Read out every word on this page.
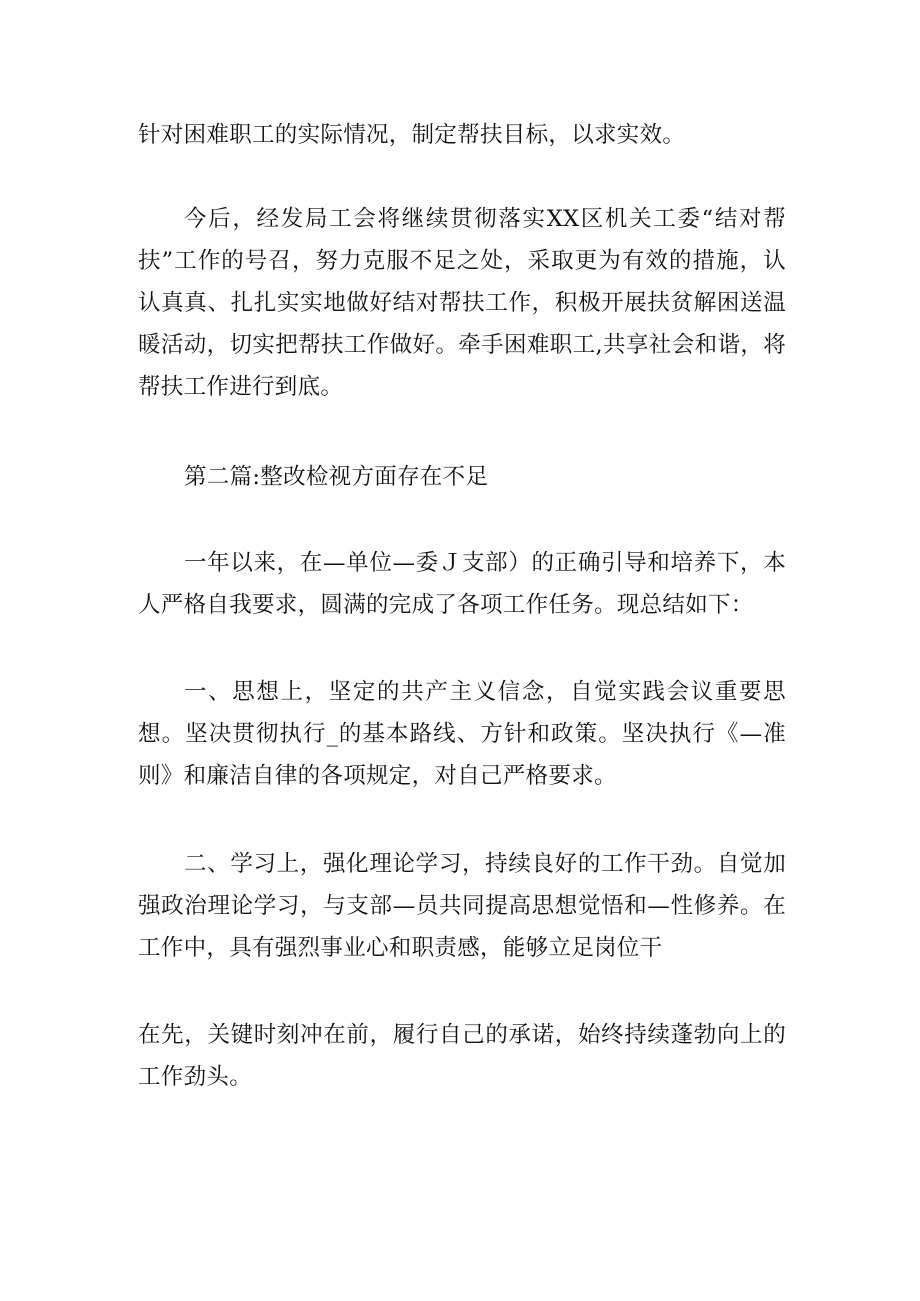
针对困难职工的实际情况，制定帮扶目标，以求实效。

今后，经发局工会将继续贯彻落实XX区机关工委“结对帮扶”工作的号召，努力克服不足之处，采取更为有效的措施，认认真真、扎扎实实地做好结对帮扶工作，积极开展扶贫解困送温暖活动，切实把帮扶工作做好。牵手困难职工,共享社会和谐，将帮扶工作进行到底。

第二篇:整改检视方面存在不足

一年以来，在—单位—委Ｊ支部）的正确引导和培养下，本人严格自我要求，圆满的完成了各项工作任务。现总结如下：

一、思想上，坚定的共产主义信念，自觉实践会议重要思想。坚决贯彻执行_的基本路线、方针和政策。坚决执行《—准则》和廉洁自律的各项规定，对自己严格要求。

二、学习上，强化理论学习，持续良好的工作干劲。自觉加强政治理论学习，与支部—员共同提高思想觉悟和—性修养。在工作中，具有强烈事业心和职责感，能够立足岗位干

在先，关键时刻冲在前，履行自己的承诺，始终持续蓬勃向上的工作劲头。
